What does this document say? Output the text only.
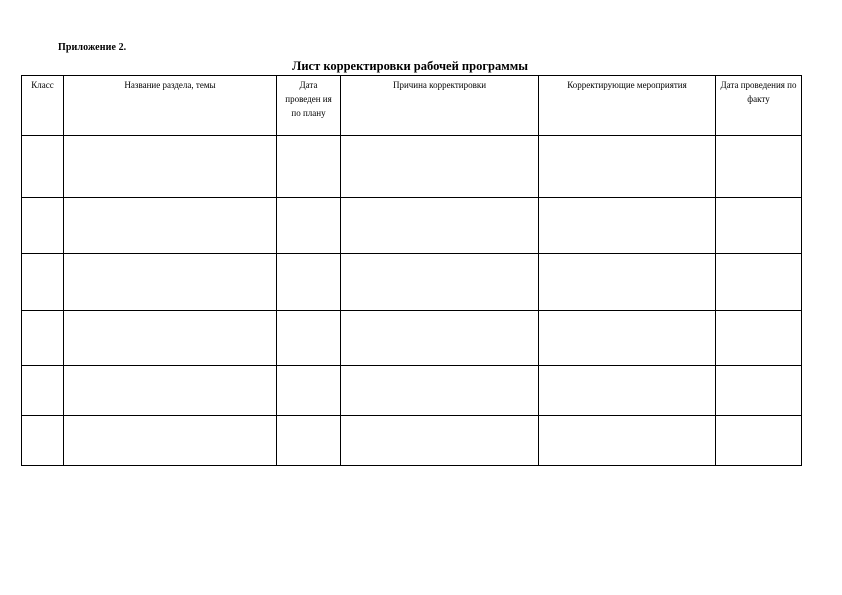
Приложение 2.
Лист корректировки рабочей программы
Класс	Название раздела, темы	Дата проведен ия по плану	Причина корректировки	Корректирующие мероприятия	Дата проведения по факту
